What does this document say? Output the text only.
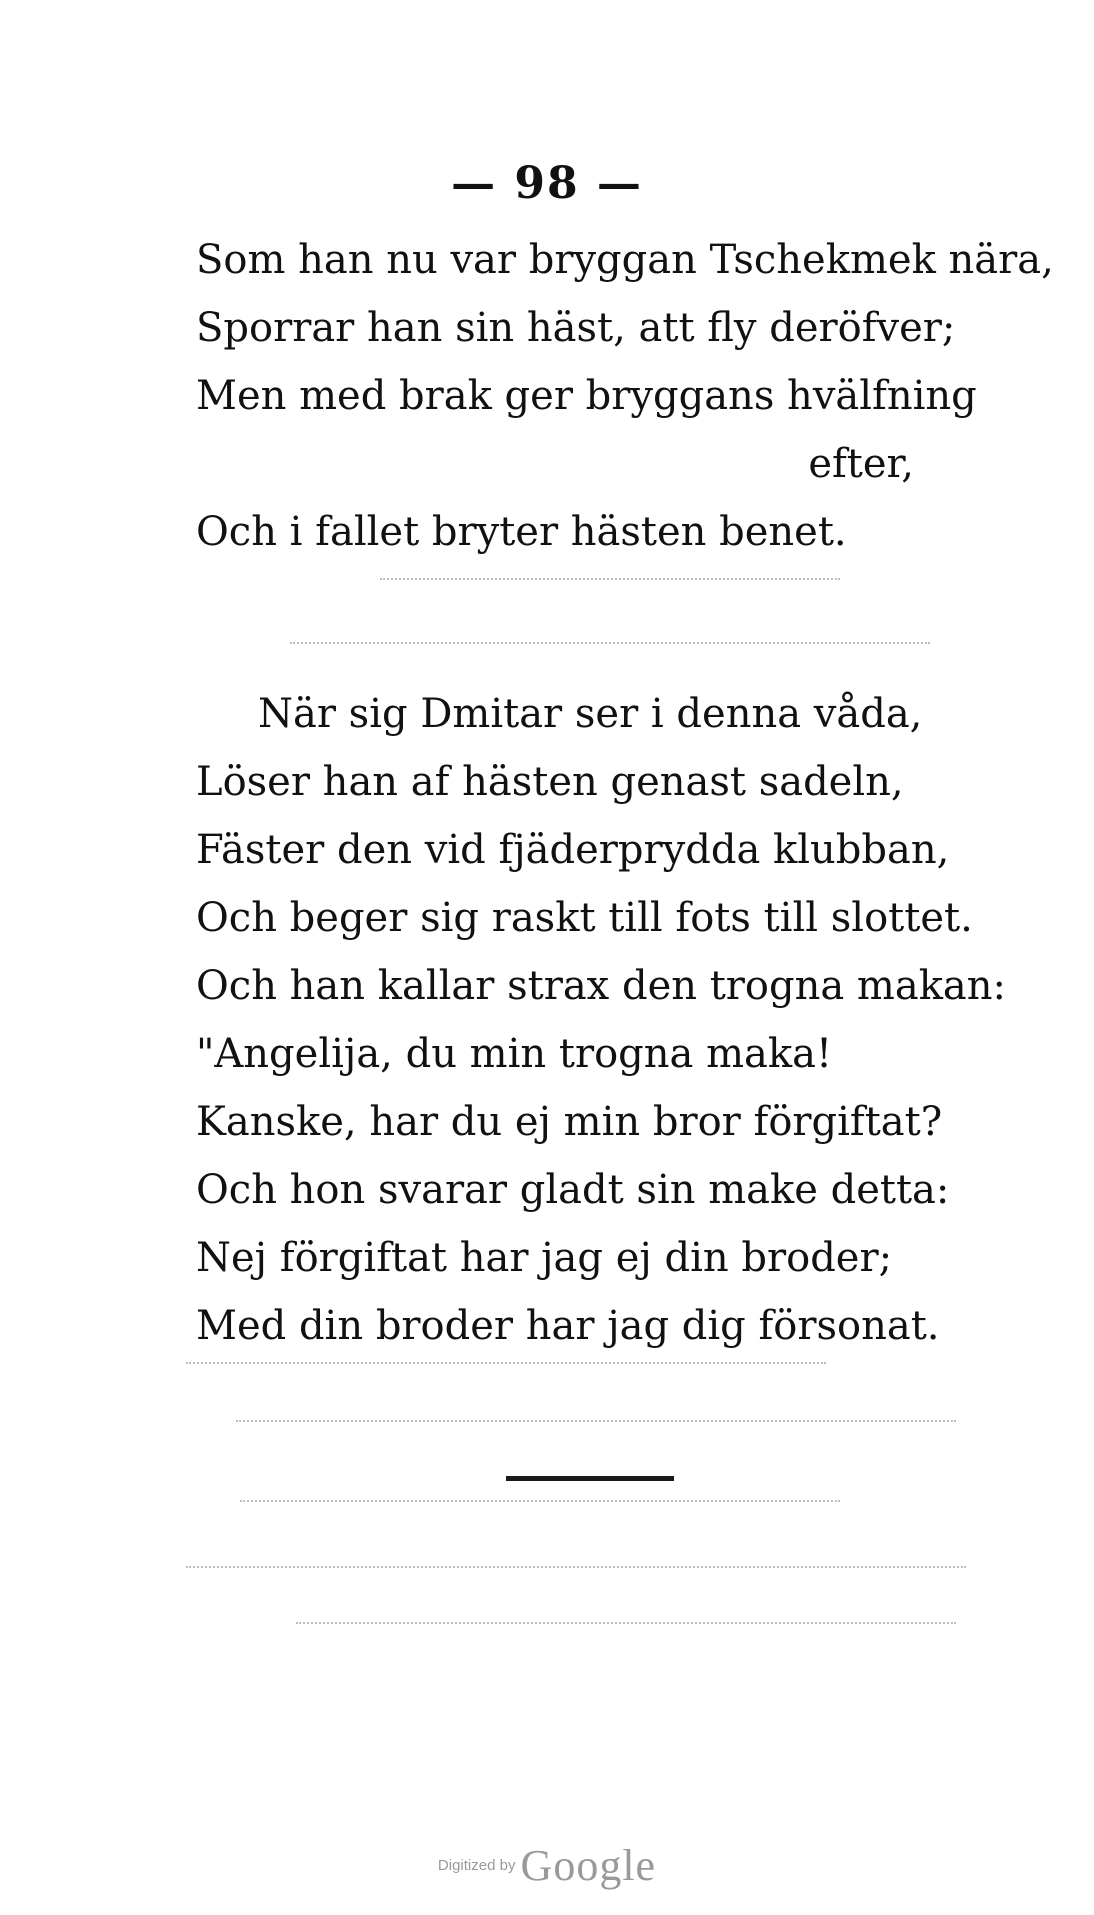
— 98 —
Som han nu var bryggan Tschekmek nära,
Sporrar han sin häst, att fly deröfver;
Men med brak ger bryggans hvälfning
efter,
Och i fallet bryter hästen benet.
När sig Dmitar ser i denna våda,
Löser han af hästen genast sadeln,
Fäster den vid fjäderprydda klubban,
Och beger sig raskt till fots till slottet.
Och han kallar strax den trogna makan:
"Angelija, du min trogna maka!
Kanske, har du ej min bror förgiftat?
Och hon svarar gladt sin make detta:
Nej förgiftat har jag ej din broder;
Med din broder har jag dig försonat.
Digitized by Google
